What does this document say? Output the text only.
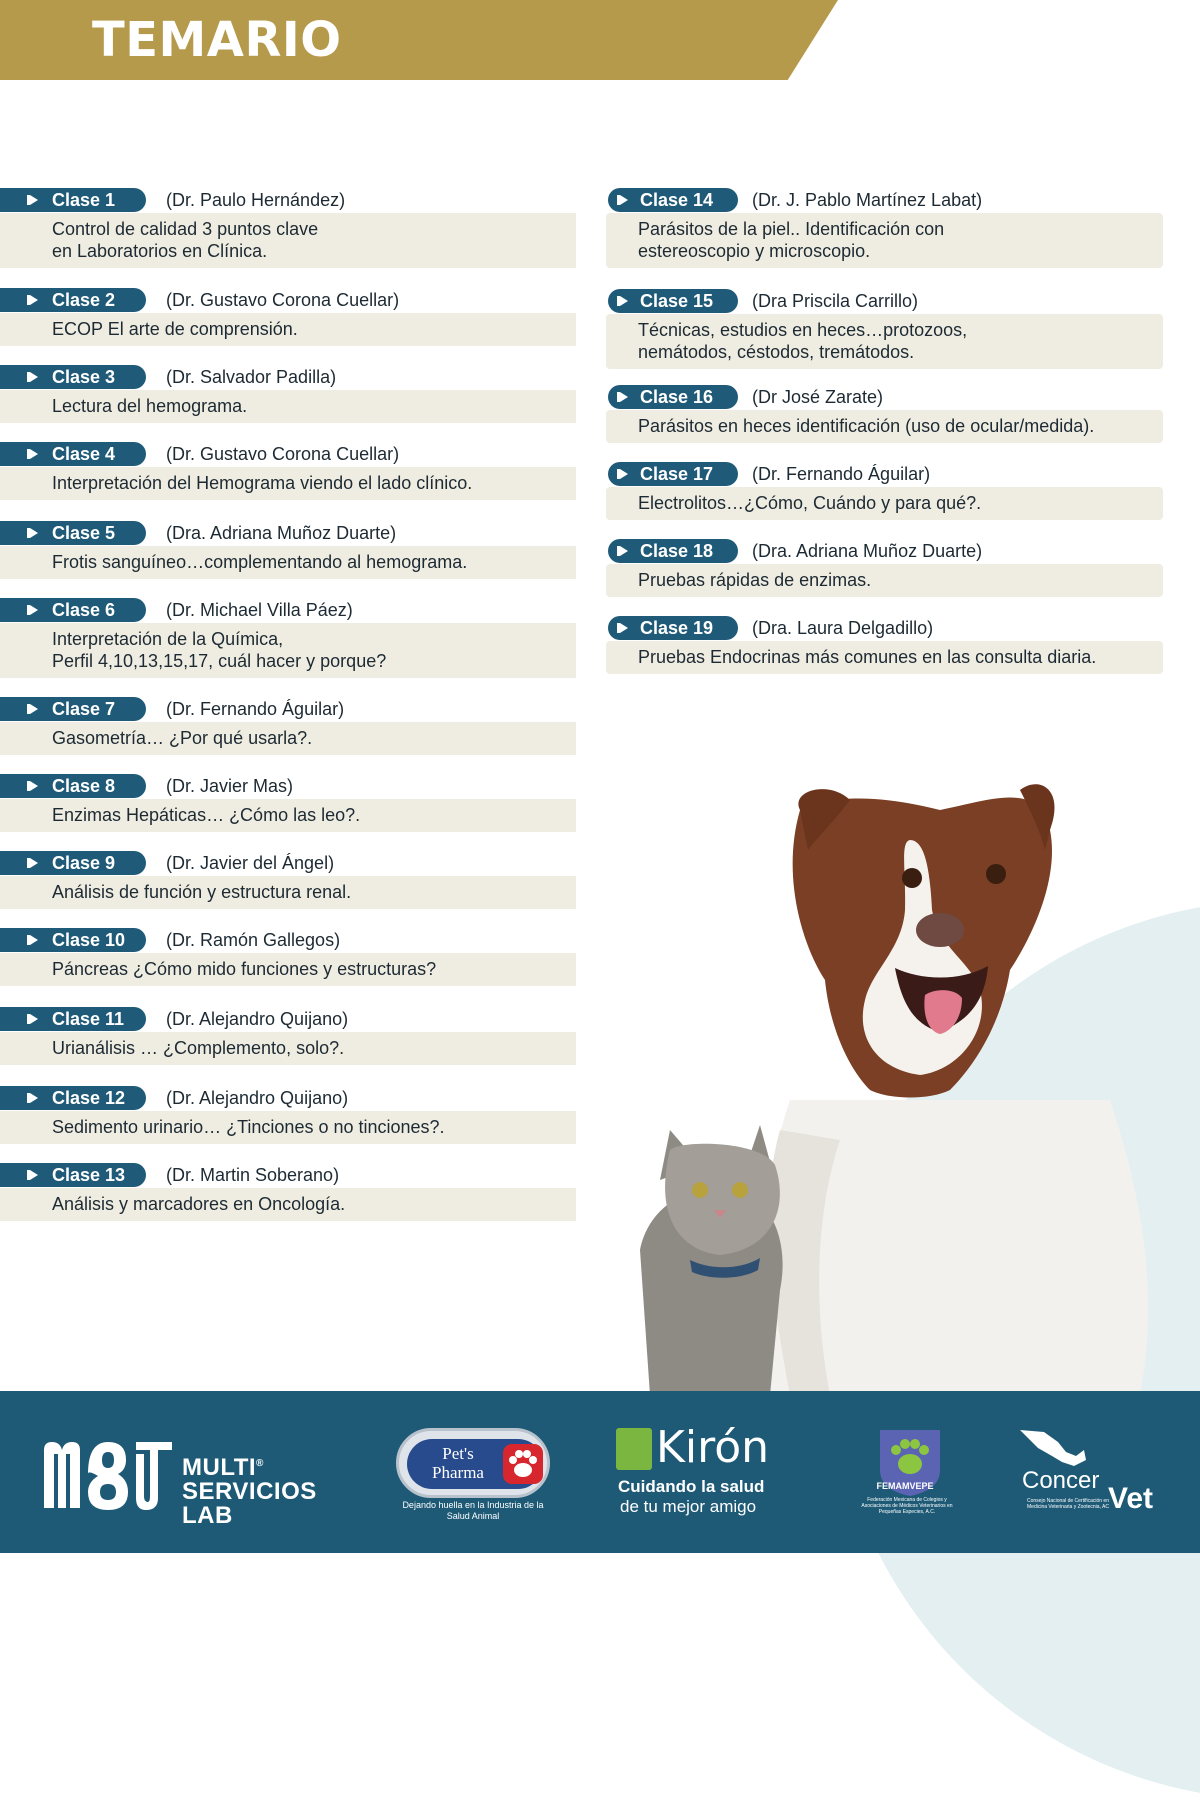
TEMARIO
Clase 1	(Dr. Paulo Hernández)
Control de calidad 3 puntos clave
en Laboratorios en Clínica.
Clase 2	(Dr. Gustavo Corona Cuellar)
ECOP El arte de comprensión.
Clase 3	(Dr. Salvador Padilla)
Lectura del hemograma.
Clase 4	(Dr. Gustavo Corona Cuellar)
Interpretación del Hemograma viendo el lado clínico.
Clase 5	(Dra. Adriana Muñoz Duarte)
Frotis sanguíneo…complementando al hemograma.
Clase 6	(Dr. Michael Villa Páez)
Interpretación de la Química,
Perfil 4,10,13,15,17, cuál hacer y porque?
Clase 7	(Dr. Fernando Águilar)
Gasometría… ¿Por qué usarla?.
Clase 8	(Dr. Javier Mas)
Enzimas Hepáticas… ¿Cómo las leo?.
Clase 9	(Dr. Javier del Ángel)
Análisis de función y estructura renal.
Clase 10	(Dr. Ramón Gallegos)
Páncreas ¿Cómo mido funciones y estructuras?
Clase 11	(Dr. Alejandro Quijano)
Urianálisis … ¿Complemento, solo?.
Clase 12	(Dr. Alejandro Quijano)
Sedimento urinario… ¿Tinciones o no tinciones?.
Clase 13	(Dr. Martin Soberano)
Análisis y marcadores en Oncología.
Clase 14	(Dr. J. Pablo Martínez Labat)
Parásitos de la piel.. Identificación con
estereoscopio y microscopio.
Clase 15	(Dra Priscila Carrillo)
Técnicas, estudios en heces…protozoos,
nemátodos, céstodos, tremátodos.
Clase 16	(Dr José Zarate)
Parásitos en heces identificación (uso de ocular/medida).
Clase 17	(Dr. Fernando Águilar)
Electrolitos…¿Cómo, Cuándo y para qué?.
Clase 18	(Dra. Adriana Muñoz Duarte)
Pruebas rápidas de enzimas.
Clase 19	(Dra. Laura Delgadillo)
Pruebas Endocrinas más comunes en las consulta diaria.
MULTI®
SERVICIOS
LAB
Pet's Pharma
Dejando huella en la Industria de la Salud Animal
Kirón
Cuidando la salud
de tu mejor amigo
FEMAMVEPE
Federación Mexicana de Colegios y Asociaciones de Médicos Veterinarios en Pequeñas Especies, A.C.
Concer
Vet
Consejo Nacional de Certificación en Medicina Veterinaria y Zootecnia, AC
